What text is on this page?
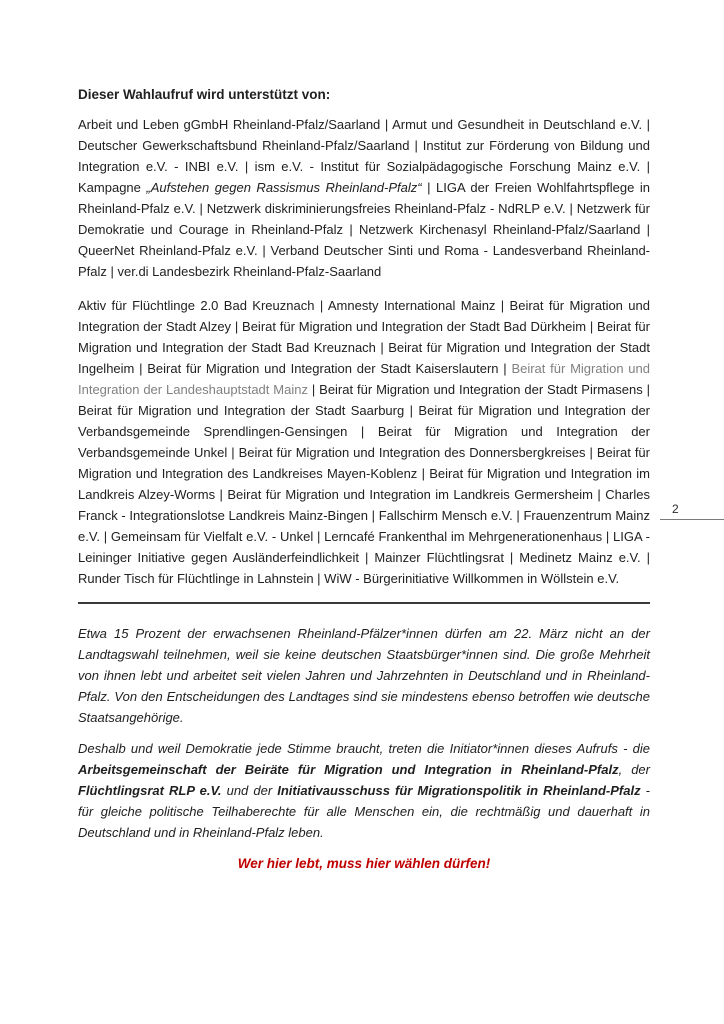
Dieser Wahlaufruf wird unterstützt von:

Arbeit und Leben gGmbH Rheinland-Pfalz/Saarland | Armut und Gesundheit in Deutschland e.V. | Deutscher Gewerkschaftsbund Rheinland-Pfalz/Saarland | Institut zur Förderung von Bildung und Integration e.V. - INBI e.V. | ism e.V. - Institut für Sozialpädagogische Forschung Mainz e.V. | Kampagne „Aufstehen gegen Rassismus Rheinland-Pfalz“ | LIGA der Freien Wohlfahrtspflege in Rheinland-Pfalz e.V. | Netzwerk diskriminierungsfreies Rheinland-Pfalz - NdRLP e.V. | Netzwerk für Demokratie und Courage in Rheinland-Pfalz | Netzwerk Kirchenasyl Rheinland-Pfalz/Saarland | QueerNet Rheinland-Pfalz e.V. | Verband Deutscher Sinti und Roma - Landesverband Rheinland-Pfalz | ver.di Landesbezirk Rheinland-Pfalz-Saarland

Aktiv für Flüchtlinge 2.0 Bad Kreuznach | Amnesty International Mainz | Beirat für Migration und Integration der Stadt Alzey | Beirat für Migration und Integration der Stadt Bad Dürkheim | Beirat für Migration und Integration der Stadt Bad Kreuznach | Beirat für Migration und Integration der Stadt Ingelheim | Beirat für Migration und Integration der Stadt Kaiserslautern | Beirat für Migration und Integration der Landeshauptstadt Mainz | Beirat für Migration und Integration der Stadt Pirmasens | Beirat für Migration und Integration der Stadt Saarburg | Beirat für Migration und Integration der Verbandsgemeinde Sprendlingen-Gensingen | Beirat für Migration und Integration der Verbandsgemeinde Unkel | Beirat für Migration und Integration des Donnersbergkreises | Beirat für Migration und Integration des Landkreises Mayen-Koblenz | Beirat für Migration und Integration im Landkreis Alzey-Worms | Beirat für Migration und Integration im Landkreis Germersheim | Charles Franck - Integrationslotse Landkreis Mainz-Bingen | Fallschirm Mensch e.V. | Frauenzentrum Mainz e.V. | Gemeinsam für Vielfalt e.V. - Unkel | Lerncafé Frankenthal im Mehrgenerationenhaus | LIGA - Leininger Initiative gegen Ausländerfeindlichkeit | Mainzer Flüchtlingsrat | Medinetz Mainz e.V. | Runder Tisch für Flüchtlinge in Lahnstein | WiW - Bürgerinitiative Willkommen in Wöllstein e.V.

Etwa 15 Prozent der erwachsenen Rheinland-Pfälzer*innen dürfen am 22. März nicht an der Landtagswahl teilnehmen, weil sie keine deutschen Staatsbürger*innen sind. Die große Mehrheit von ihnen lebt und arbeitet seit vielen Jahren und Jahrzehnten in Deutschland und in Rheinland-Pfalz. Von den Entscheidungen des Landtages sind sie mindestens ebenso betroffen wie deutsche Staatsangehörige.

Deshalb und weil Demokratie jede Stimme braucht, treten die Initiator*innen dieses Aufrufs - die Arbeitsgemeinschaft der Beiräte für Migration und Integration in Rheinland-Pfalz, der Flüchtlingsrat RLP e.V. und der Initiativausschuss für Migrationspolitik in Rheinland-Pfalz - für gleiche politische Teilhaberechte für alle Menschen ein, die rechtmäßig und dauerhaft in Deutschland und in Rheinland-Pfalz leben.

Wer hier lebt, muss hier wählen dürfen!
2
